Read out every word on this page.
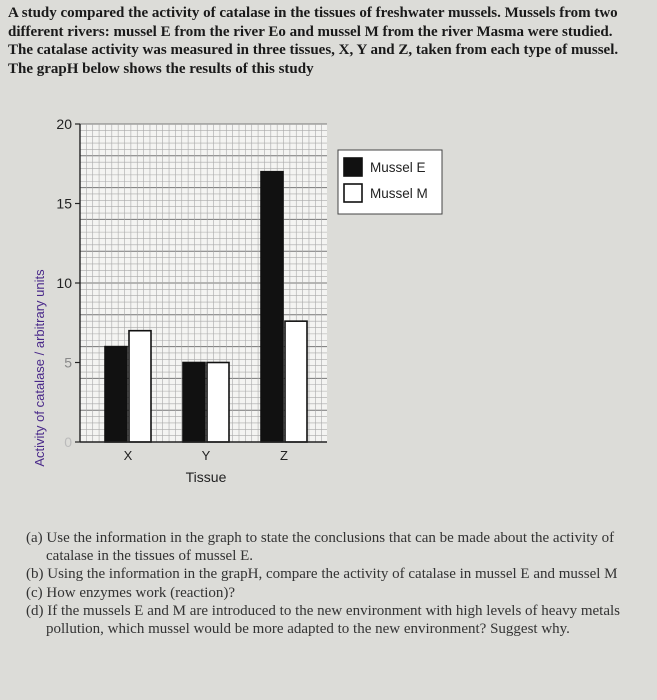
A study compared the activity of catalase in the tissues of freshwater mussels. Mussels from two
different rivers: mussel E from the river Eo and mussel M from the river Masma were studied.
The catalase activity was measured in three tissues, X, Y and Z, taken from each type of mussel.
The grapH below shows the results of this study
X	Y	Z
0
5
10
15
20
Mussel E
Mussel M
Activity of catalase / arbitrary units
Tissue
(a) Use the information in the graph to state the conclusions that can be made about the activity of catalase in the tissues of mussel E.
(b) Using the information in the grapH, compare the activity of catalase in mussel E and mussel M
(c) How enzymes work (reaction)?
(d) If the mussels E and M are introduced to the new environment with high levels of heavy metals pollution, which mussel would be more adapted to the new environment? Suggest why.
